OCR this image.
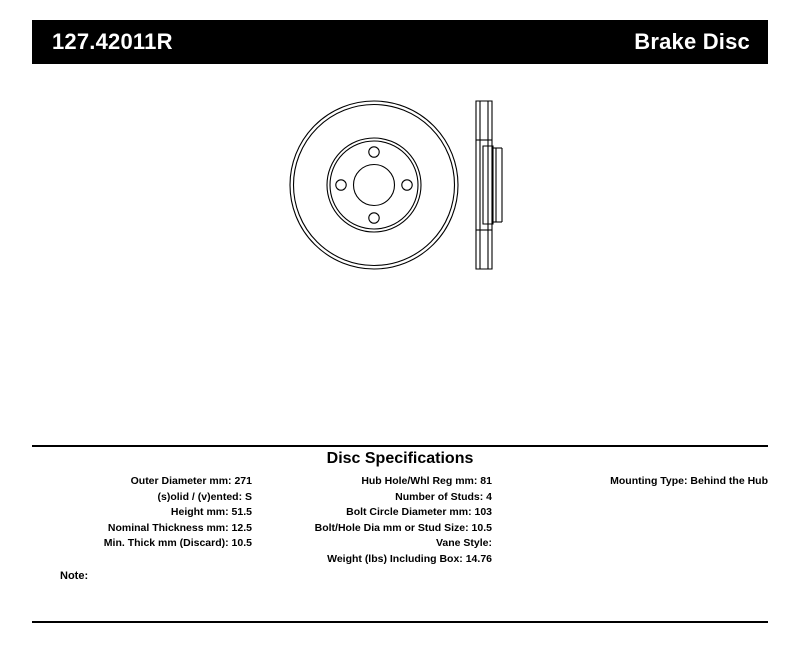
127.42011R	Brake Disc
Disc Specifications
Outer Diameter mm: 271
(s)olid / (v)ented: S
Height mm: 51.5
Nominal Thickness mm: 12.5
Min. Thick mm (Discard): 10.5
Hub Hole/Whl Reg mm: 81
Number of Studs: 4
Bolt Circle Diameter mm: 103
Bolt/Hole Dia mm or Stud Size: 10.5
Vane Style:
Weight (lbs) Including Box: 14.76
Mounting Type: Behind the Hub
Note:
